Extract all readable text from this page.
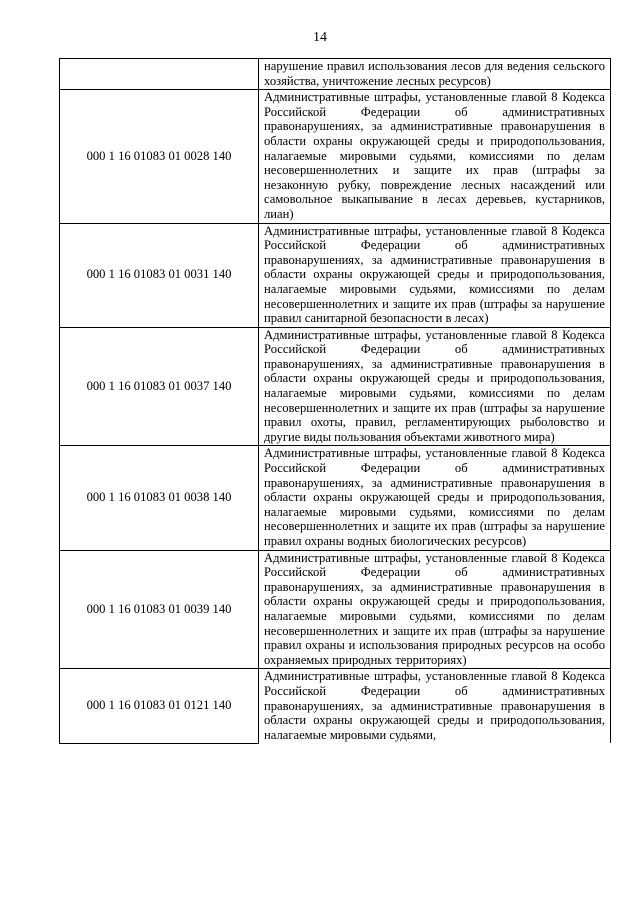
14
	нарушение правил использования лесов для ведения сельского хозяйства, уничтожение лесных ресурсов)
000 1 16 01083 01 0028 140	Административные штрафы, установленные главой 8 Кодекса Российской Федерации об административных правонарушениях, за административные правонарушения в области охраны окружающей среды и природопользования, налагаемые мировыми судьями, комиссиями по делам несовершеннолетних и защите их прав (штрафы за незаконную рубку, повреждение лесных насаждений или самовольное выкапывание в лесах деревьев, кустарников, лиан)
000 1 16 01083 01 0031 140	Административные штрафы, установленные главой 8 Кодекса Российской Федерации об административных правонарушениях, за административные правонарушения в области охраны окружающей среды и природопользования, налагаемые мировыми судьями, комиссиями по делам несовершеннолетних и защите их прав (штрафы за нарушение правил санитарной безопасности в лесах)
000 1 16 01083 01 0037 140	Административные штрафы, установленные главой 8 Кодекса Российской Федерации об административных правонарушениях, за административные правонарушения в области охраны окружающей среды и природопользования, налагаемые мировыми судьями, комиссиями по делам несовершеннолетних и защите их прав (штрафы за нарушение правил охоты, правил, регламентирующих рыболовство и другие виды пользования объектами животного мира)
000 1 16 01083 01 0038 140	Административные штрафы, установленные главой 8 Кодекса Российской Федерации об административных правонарушениях, за административные правонарушения в области охраны окружающей среды и природопользования, налагаемые мировыми судьями, комиссиями по делам несовершеннолетних и защите их прав (штрафы за нарушение правил охраны водных биологических ресурсов)
000 1 16 01083 01 0039 140	Административные штрафы, установленные главой 8 Кодекса Российской Федерации об административных правонарушениях, за административные правонарушения в области охраны окружающей среды и природопользования, налагаемые мировыми судьями, комиссиями по делам несовершеннолетних и защите их прав (штрафы за нарушение правил охраны и использования природных ресурсов на особо охраняемых природных территориях)
000 1 16 01083 01 0121 140	Административные штрафы, установленные главой 8 Кодекса Российской Федерации об административных правонарушениях, за административные правонарушения в области охраны окружающей среды и природопользования, налагаемые мировыми судьями,
